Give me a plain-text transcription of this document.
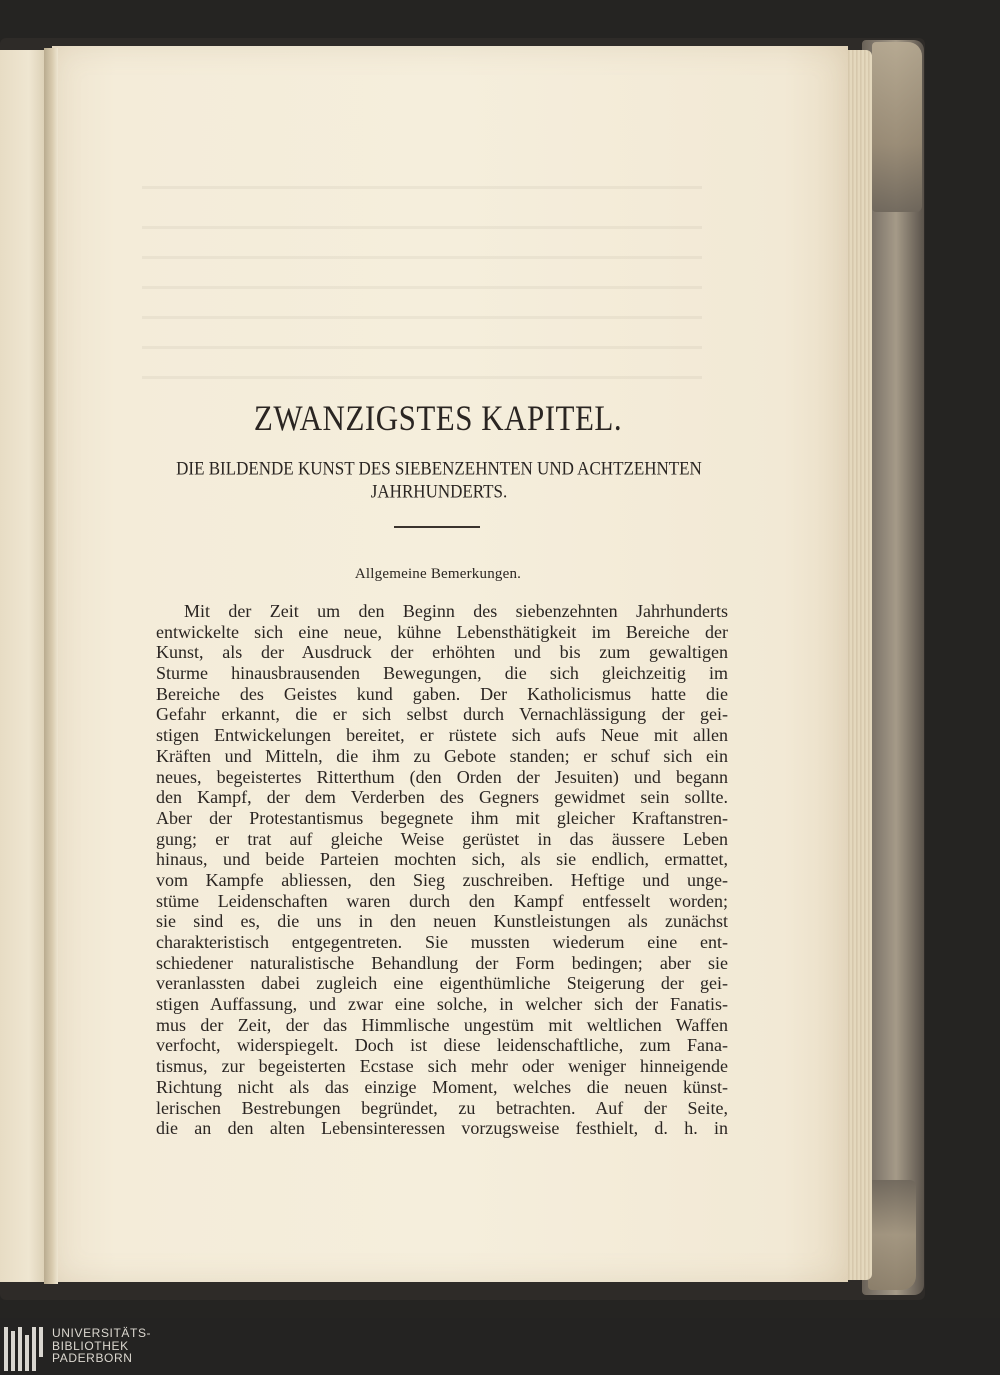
ZWANZIGSTES KAPITEL.
DIE BILDENDE KUNST DES SIEBENZEHNTEN UND ACHTZEHNTEN
JAHRHUNDERTS.
Allgemeine Bemerkungen.
Mit der Zeit um den Beginn des siebenzehnten Jahrhunderts
entwickelte sich eine neue, kühne Lebensthätigkeit im Bereiche der
Kunst, als der Ausdruck der erhöhten und bis zum gewaltigen
Sturme hinausbrausenden Bewegungen, die sich gleichzeitig im
Bereiche des Geistes kund gaben. Der Katholicismus hatte die
Gefahr erkannt, die er sich selbst durch Vernachlässigung der gei-
stigen Entwickelungen bereitet, er rüstete sich aufs Neue mit allen
Kräften und Mitteln, die ihm zu Gebote standen; er schuf sich ein
neues, begeistertes Ritterthum (den Orden der Jesuiten) und begann
den Kampf, der dem Verderben des Gegners gewidmet sein sollte.
Aber der Protestantismus begegnete ihm mit gleicher Kraftanstren-
gung; er trat auf gleiche Weise gerüstet in das äussere Leben
hinaus, und beide Parteien mochten sich, als sie endlich, ermattet,
vom Kampfe abliessen, den Sieg zuschreiben. Heftige und unge-
stüme Leidenschaften waren durch den Kampf entfesselt worden;
sie sind es, die uns in den neuen Kunstleistungen als zunächst
charakteristisch entgegentreten. Sie mussten wiederum eine ent-
schiedener naturalistische Behandlung der Form bedingen; aber sie
veranlassten dabei zugleich eine eigenthümliche Steigerung der gei-
stigen Auffassung, und zwar eine solche, in welcher sich der Fanatis-
mus der Zeit, der das Himmlische ungestüm mit weltlichen Waffen
verfocht, widerspiegelt. Doch ist diese leidenschaftliche, zum Fana-
tismus, zur begeisterten Ecstase sich mehr oder weniger hinneigende
Richtung nicht als das einzige Moment, welches die neuen künst-
lerischen Bestrebungen begründet, zu betrachten. Auf der Seite,
die an den alten Lebensinteressen vorzugsweise festhielt, d. h. in
UNIVERSITÄTS-
BIBLIOTHEK
PADERBORN
